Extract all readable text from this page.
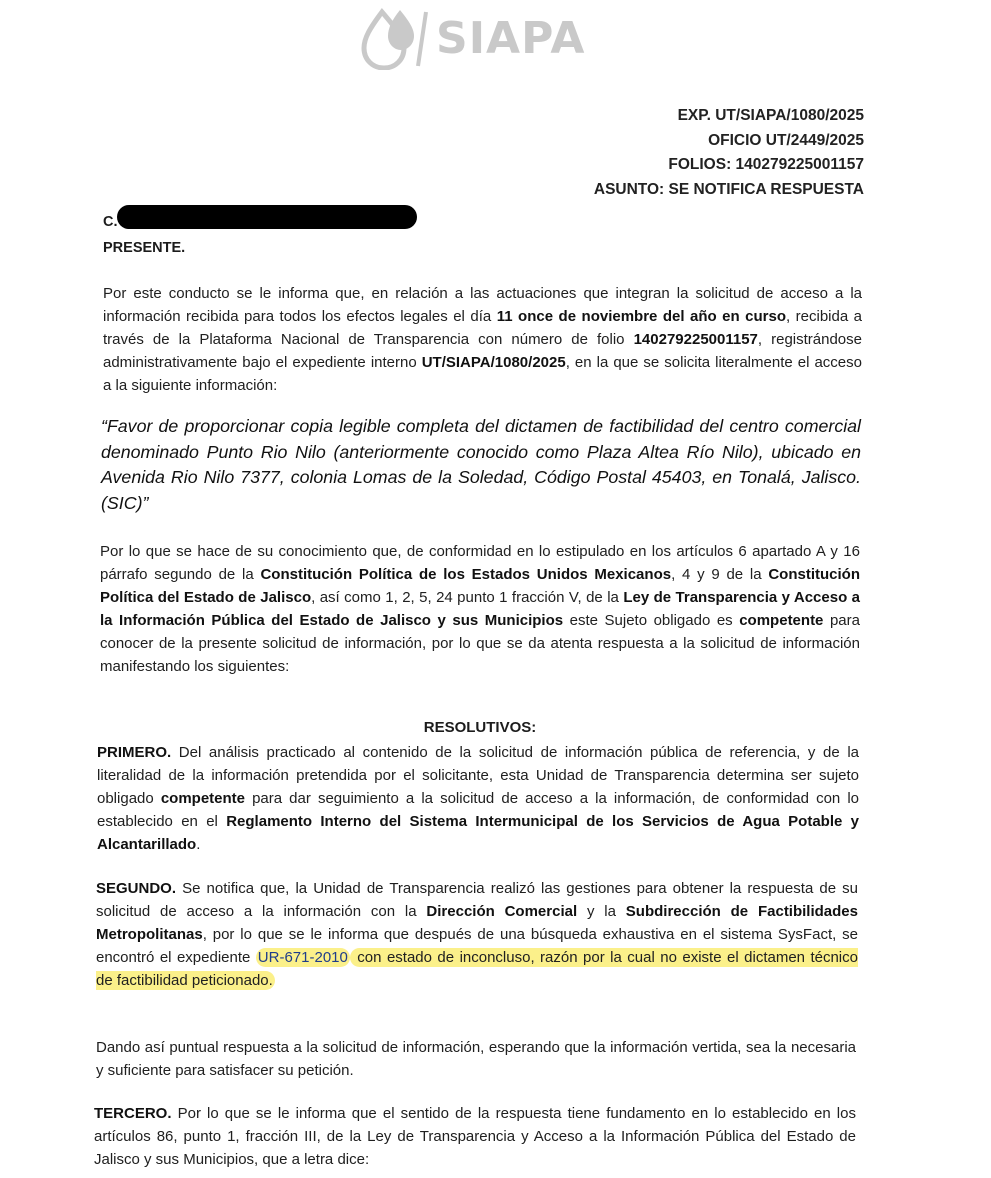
SIAPA
EXP. UT/SIAPA/1080/2025
OFICIO UT/2449/2025
FOLIOS: 140279225001157
ASUNTO: SE NOTIFICA RESPUESTA
C.
PRESENTE.
Por este conducto se le informa que, en relación a las actuaciones que integran la solicitud de acceso a la información recibida para todos los efectos legales el día 11 once de noviembre del año en curso, recibida a través de la Plataforma Nacional de Transparencia con número de folio 140279225001157, registrándose administrativamente bajo el expediente interno UT/SIAPA/1080/2025, en la que se solicita literalmente el acceso a la siguiente información:
“Favor de proporcionar copia legible completa del dictamen de factibilidad del centro comercial denominado Punto Rio Nilo (anteriormente conocido como Plaza Altea Río Nilo), ubicado en Avenida Rio Nilo 7377, colonia Lomas de la Soledad, Código Postal 45403, en Tonalá, Jalisco. (SIC)”
Por lo que se hace de su conocimiento que, de conformidad en lo estipulado en los artículos 6 apartado A y 16 párrafo segundo de la Constitución Política de los Estados Unidos Mexicanos, 4 y 9 de la Constitución Política del Estado de Jalisco, así como 1, 2, 5, 24 punto 1 fracción V, de la Ley de Transparencia y Acceso a la Información Pública del Estado de Jalisco y sus Municipios este Sujeto obligado es competente para conocer de la presente solicitud de información, por lo que se da atenta respuesta a la solicitud de información manifestando los siguientes:
RESOLUTIVOS:
PRIMERO. Del análisis practicado al contenido de la solicitud de información pública de referencia, y de la literalidad de la información pretendida por el solicitante, esta Unidad de Transparencia determina ser sujeto obligado competente para dar seguimiento a la solicitud de acceso a la información, de conformidad con lo establecido en el Reglamento Interno del Sistema Intermunicipal de los Servicios de Agua Potable y Alcantarillado.
SEGUNDO. Se notifica que, la Unidad de Transparencia realizó las gestiones para obtener la respuesta de su solicitud de acceso a la información con la Dirección Comercial y la Subdirección de Factibilidades Metropolitanas, por lo que se le informa que después de una búsqueda exhaustiva en el sistema SysFact, se encontró el expediente UR-671-2010 con estado de inconcluso, razón por la cual no existe el dictamen técnico de factibilidad peticionado.
Dando así puntual respuesta a la solicitud de información, esperando que la información vertida, sea la necesaria y suficiente para satisfacer su petición.
TERCERO. Por lo que se le informa que el sentido de la respuesta tiene fundamento en lo establecido en los artículos 86, punto 1, fracción III, de la Ley de Transparencia y Acceso a la Información Pública del Estado de Jalisco y sus Municipios, que a letra dice:
